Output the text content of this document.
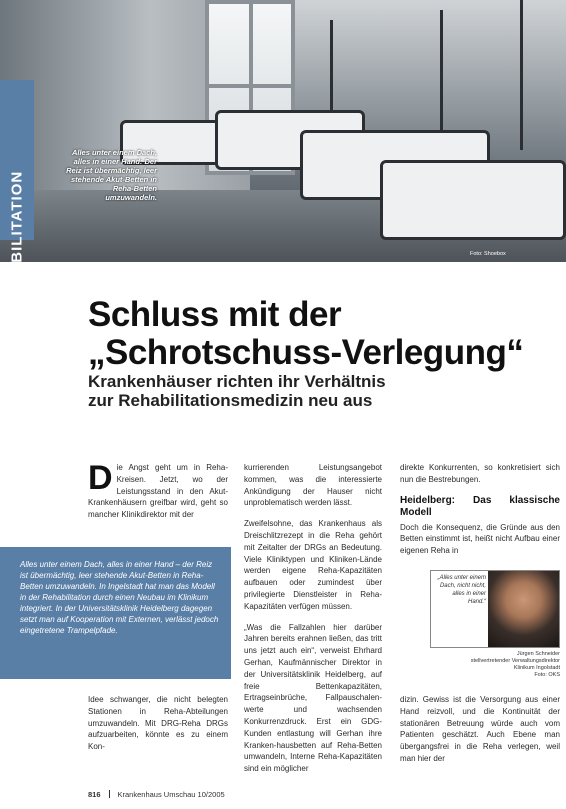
REHABILITATION
Alles unter einem Dach, alles in einer Hand: Der Reiz ist übermächtig, leer stehende Akut-Betten in Reha-Betten umzuwandeln.
Foto: Shoebox
Schluss mit der
„Schrotschuss-Verlegung“
Krankenhäuser richten ihr Verhältnis
zur Rehabilitationsmedizin neu aus

Die Angst geht um in Reha-Kreisen. Jetzt, wo der Leistungsstand in den Akut-Krankenhäusern greifbar wird, geht so mancher Klinikdirektor mit der

kurrierenden Leistungsangebot kommen, was die interessierte Ankündigung der Hauser nicht unproblematisch werden lässt.

Zweifelsohne, das Krankenhaus als Dreischlitzrezept in die Reha gehört mit Zeitalter der DRGs an Bedeutung. Viele Kliniktypen und Kliniken-Lände werden eigene Reha-Kapazitäten aufbauen oder zumindest über privilegierte Dienstleister in Reha-Kapazitäten verfügen müssen.

„Was die Fallzahlen hier darüber Jahren bereits erahnen ließen, das tritt uns jetzt auch ein“, verweist Ehrhard Gerhan, Kaufmännischer Direktor in der Universitätsklinik Heidelberg, auf freie Bettenkapazitäten, Ertragseinbrüche, Fallpauschalen-werte und wachsenden Konkurrenzdruck. Erst ein GDG-Kunden entlastung will Gerhan ihre Kranken-hausbetten auf Reha-Betten umwandeln, Interne Reha-Kapazitäten sind ein möglicher

direkte Konkurrenten, so konkretisiert sich nun die Bestrebungen.

Heidelberg: Das klassische Modell

Doch die Konsequenz, die Gründe aus den Betten einstimmt ist, heißt nicht Aufbau einer eigenen Reha in

Alles unter einem Dach, alles in einer Hand – der Reiz ist übermächtig, leer stehende Akut-Betten in Reha-Betten umzuwandeln. In Ingelstadt hat man das Modell in der Rehabilitation durch einen Neubau im Klinikum integriert. In der Universitätsklinik Heidelberg dagegen setzt man auf Kooperation mit Externen, verlässt jedoch eingetretene Trampelpfade.
Idee schwanger, die nicht belegten Stationen in Reha-Abteilungen umzuwandeln. Mit DRG-Reha DRGs aufzuarbeiten, könnte es zu einem Kon-
„Alles unter einem Dach, nicht nicht, alles in einer Hand.“
Jürgen Schneider
stellvertretender Verwaltungsdirektor
Klinikum Ingolstadt
Foto: OKS
dizin. Gewiss ist die Versorgung aus einer Hand reizvoll, und die Kontinuität der stationären Betreuung würde auch vom Patienten geschätzt. Auch Ebene man übergangsfrei in die Reha verlegen, weil man hier der
816 Krankenhaus Umschau 10/2005
